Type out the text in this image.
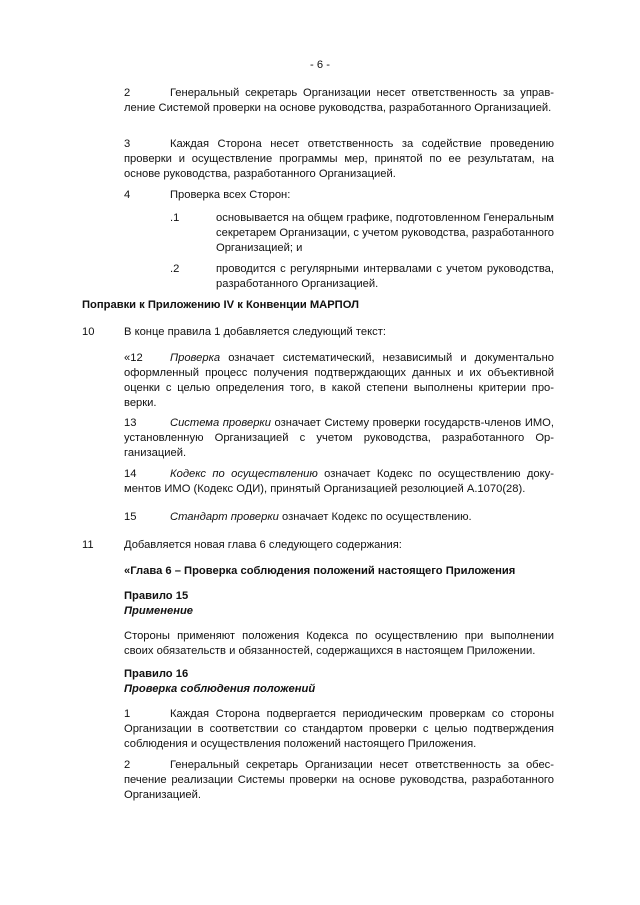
- 6 -
2	Генеральный секретарь Организации несет ответственность за управление Системой проверки на основе руководства, разработанного Организацией.
3	Каждая Сторона несет ответственность за содействие проведению проверки и осуществление программы мер, принятой по ее результатам, на основе руководства, разработанного Организацией.
4	Проверка всех Сторон:
.1	основывается на общем графике, подготовленном Генеральным секретарем Организации, с учетом руководства, разработанного Организацией; и
.2	проводится с регулярными интервалами с учетом руководства, разработанного Организацией.
Поправки к Приложению IV к Конвенции МАРПОЛ
10	В конце правила 1 добавляется следующий текст:
«12 Проверка означает систематический, независимый и документально оформленный процесс получения подтверждающих данных и их объективной оценки с целью определения того, в какой степени выполнены критерии проверки.
13	Система проверки означает Систему проверки государств-членов ИМО, установленную Организацией с учетом руководства, разработанного Организацией.
14	Кодекс по осуществлению означает Кодекс по осуществлению документов ИМО (Кодекс ОДИ), принятый Организацией резолюцией A.1070(28).
15	Стандарт проверки означает Кодекс по осуществлению.
11	Добавляется новая глава 6 следующего содержания:
«Глава 6 – Проверка соблюдения положений настоящего Приложения
Правило 15
Применение
Стороны применяют положения Кодекса по осуществлению при выполнении своих обязательств и обязанностей, содержащихся в настоящем Приложении.
Правило 16
Проверка соблюдения положений
1	Каждая Сторона подвергается периодическим проверкам со стороны Организации в соответствии со стандартом проверки с целью подтверждения соблюдения и осуществления положений настоящего Приложения.
2	Генеральный секретарь Организации несет ответственность за обеспечение реализации Системы проверки на основе руководства, разработанного Организацией.
